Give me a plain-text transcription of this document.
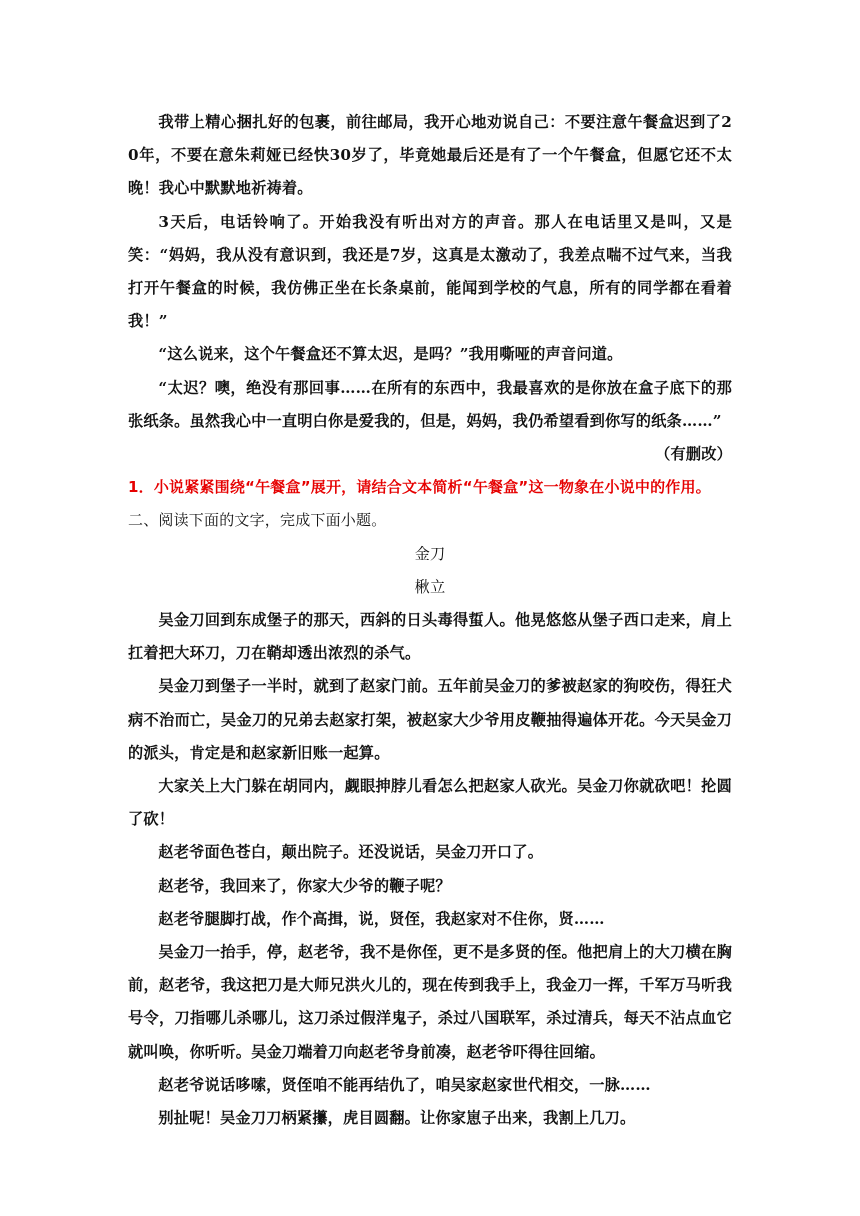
我带上精心捆扎好的包裹，前往邮局，我开心地劝说自己：不要注意午餐盒迟到了20年，不要在意朱莉娅已经快30岁了，毕竟她最后还是有了一个午餐盒，但愿它还不太晚！我心中默默地祈祷着。

3天后，电话铃响了。开始我没有听出对方的声音。那人在电话里又是叫，又是笑：“妈妈，我从没有意识到，我还是7岁，这真是太激动了，我差点喘不过气来，当我打开午餐盒的时候，我仿佛正坐在长条桌前，能闻到学校的气息，所有的同学都在看着我！”

“这么说来，这个午餐盒还不算太迟，是吗？”我用嘶哑的声音问道。

“太迟？噢，绝没有那回事……在所有的东西中，我最喜欢的是你放在盒子底下的那张纸条。虽然我心中一直明白你是爱我的，但是，妈妈，我仍希望看到你写的纸条……”

（有删改）

1．小说紧紧围绕“午餐盒”展开，请结合文本简析“午餐盒”这一物象在小说中的作用。

二、阅读下面的文字，完成下面小题。

金刀

楸立

吴金刀回到东成堡子的那天，西斜的日头毒得蜇人。他晃悠悠从堡子西口走来，肩上扛着把大环刀，刀在鞘却透出浓烈的杀气。

吴金刀到堡子一半时，就到了赵家门前。五年前吴金刀的爹被赵家的狗咬伤，得狂犬病不治而亡，吴金刀的兄弟去赵家打架，被赵家大少爷用皮鞭抽得遍体开花。今天吴金刀的派头，肯定是和赵家新旧账一起算。

大家关上大门躲在胡同内，觑眼抻脖儿看怎么把赵家人砍光。吴金刀你就砍吧！抡圆了砍！

赵老爷面色苍白，颠出院子。还没说话，吴金刀开口了。

赵老爷，我回来了，你家大少爷的鞭子呢？

赵老爷腿脚打战，作个高揖，说，贤侄，我赵家对不住你，贤……

吴金刀一抬手，停，赵老爷，我不是你侄，更不是多贤的侄。他把肩上的大刀横在胸前，赵老爷，我这把刀是大师兄洪火儿的，现在传到我手上，我金刀一挥，千军万马听我号令，刀指哪儿杀哪儿，这刀杀过假洋鬼子，杀过八国联军，杀过清兵，每天不沾点血它就叫唤，你听听。吴金刀端着刀向赵老爷身前凑，赵老爷吓得往回缩。

赵老爷说话哆嗦，贤侄咱不能再结仇了，咱吴家赵家世代相交，一脉……

别扯呢！吴金刀刀柄紧攥，虎目圆翻。让你家崽子出来，我割上几刀。
